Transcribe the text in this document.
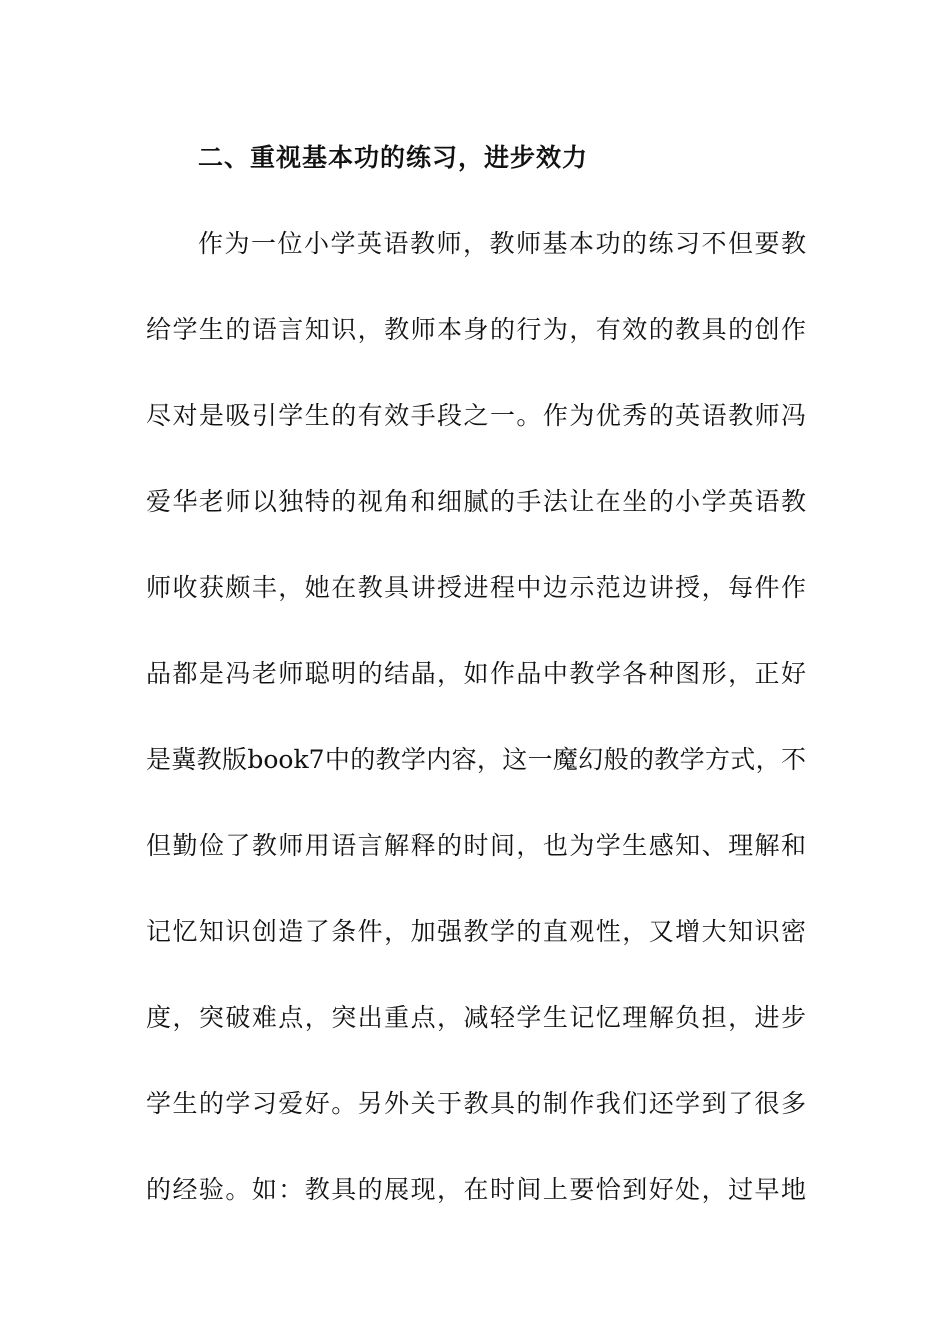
二、重视基本功的练习，进步效力
作为一位小学英语教师，教师基本功的练习不但要教
给学生的语言知识，教师本身的行为，有效的教具的创作
尽对是吸引学生的有效手段之一。作为优秀的英语教师冯
爱华老师以独特的视角和细腻的手法让在坐的小学英语教
师收获颇丰，她在教具讲授进程中边示范边讲授，每件作
品都是冯老师聪明的结晶，如作品中教学各种图形，正好
是冀教版book7中的教学内容，这一魔幻般的教学方式，不
但勤俭了教师用语言解释的时间，也为学生感知、理解和
记忆知识创造了条件，加强教学的直观性，又增大知识密
度，突破难点，突出重点，减轻学生记忆理解负担，进步
学生的学习爱好。另外关于教具的制作我们还学到了很多
的经验。如：教具的展现，在时间上要恰到好处，过早地
